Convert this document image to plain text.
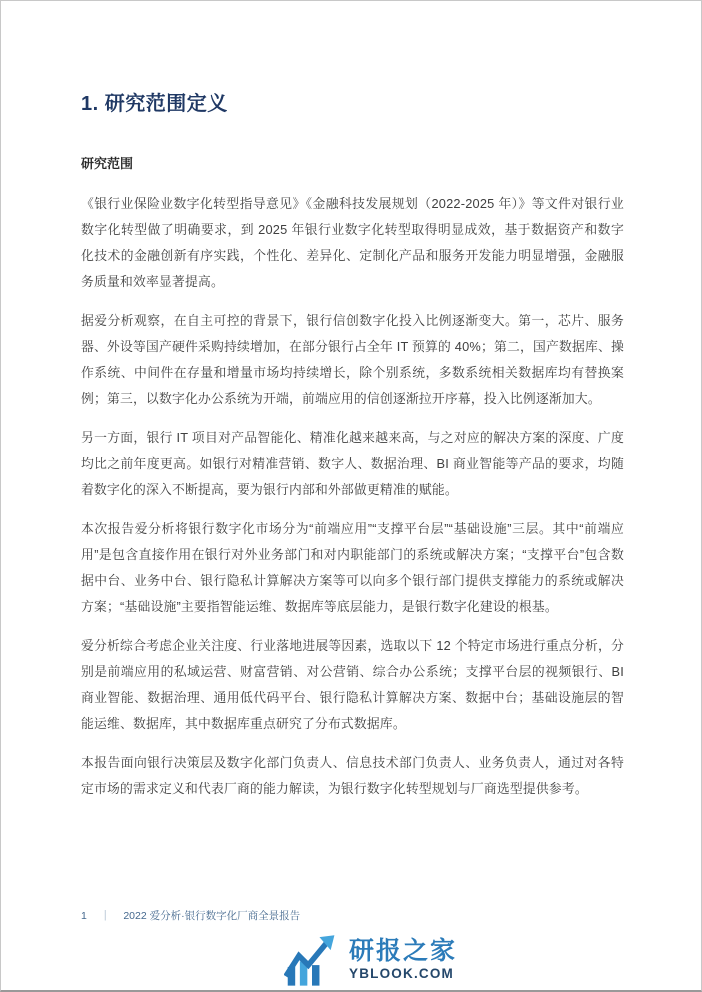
1. 研究范围定义
研究范围

《银行业保险业数字化转型指导意见》《金融科技发展规划（2022-2025 年）》等文件对银行业数字化转型做了明确要求，到 2025 年银行业数字化转型取得明显成效，基于数据资产和数字化技术的金融创新有序实践，个性化、差异化、定制化产品和服务开发能力明显增强，金融服务质量和效率显著提高。

据爱分析观察，在自主可控的背景下，银行信创数字化投入比例逐渐变大。第一，芯片、服务器、外设等国产硬件采购持续增加，在部分银行占全年 IT 预算的 40%；第二，国产数据库、操作系统、中间件在存量和增量市场均持续增长，除个别系统，多数系统相关数据库均有替换案例；第三，以数字化办公系统为开端，前端应用的信创逐渐拉开序幕，投入比例逐渐加大。

另一方面，银行 IT 项目对产品智能化、精准化越来越来高，与之对应的解决方案的深度、广度均比之前年度更高。如银行对精准营销、数字人、数据治理、BI 商业智能等产品的要求，均随着数字化的深入不断提高，要为银行内部和外部做更精准的赋能。

本次报告爱分析将银行数字化市场分为“前端应用”“支撑平台层”“基础设施”三层。其中“前端应用”是包含直接作用在银行对外业务部门和对内职能部门的系统或解决方案；“支撑平台”包含数据中台、业务中台、银行隐私计算解决方案等可以向多个银行部门提供支撑能力的系统或解决方案；“基础设施”主要指智能运维、数据库等底层能力，是银行数字化建设的根基。

爱分析综合考虑企业关注度、行业落地进展等因素，选取以下 12 个特定市场进行重点分析，分别是前端应用的私域运营、财富营销、对公营销、综合办公系统；支撑平台层的视频银行、BI 商业智能、数据治理、通用低代码平台、银行隐私计算解决方案、数据中台；基础设施层的智能运维、数据库，其中数据库重点研究了分布式数据库。

本报告面向银行决策层及数字化部门负责人、信息技术部门负责人、业务负责人，通过对各特定市场的需求定义和代表厂商的能力解读，为银行数字化转型规划与厂商选型提供参考。

1 ｜ 2022 爱分析·银行数字化厂商全景报告
研报之家
YBLOOK.COM
